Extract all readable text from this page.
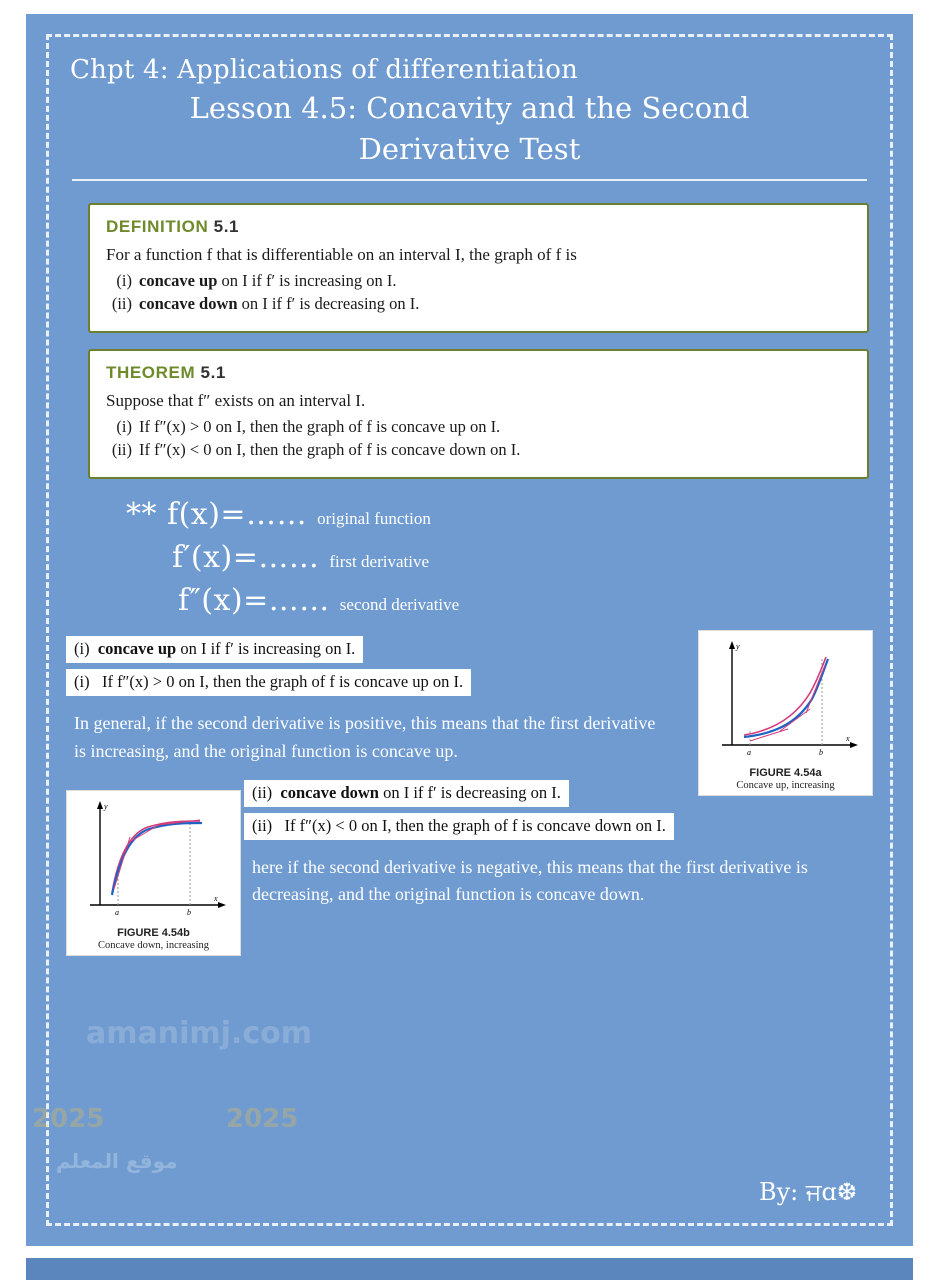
Chpt 4: Applications of differentiation
Lesson 4.5: Concavity and the Second
Derivative Test
DEFINITION 5.1

For a function f that is differentiable on an interval I, the graph of f is

(i) concave up on I if f′ is increasing on I.
(ii) concave down on I if f′ is decreasing on I.
THEOREM 5.1

Suppose that f″ exists on an interval I.

(i) If f″(x) > 0 on I, then the graph of f is concave up on I.
(ii) If f″(x) < 0 on I, then the graph of f is concave down on I.
** f(x)=…… original function
f′(x)=…… first derivative
f″(x)=…… second derivative
(i) concave up on I if f′ is increasing on I. (i) If f″(x) > 0 on I, then the graph of f is concave up on I.
In general, if the second derivative is positive, this means that the first derivative is increasing, and the original function is concave up.
y
x
a	b
FIGURE 4.54a
Concave up, increasing
y
x
a	b
FIGURE 4.54b
Concave down, increasing
(ii) concave down on I if f′ is decreasing on I. (ii) If f″(x) < 0 on I, then the graph of f is concave down on I.
here if the second derivative is negative, this means that the first derivative is decreasing, and the original function is concave down.
By: ਜɑ❆
amanimj.com
2025	2025
موقع المعلم
